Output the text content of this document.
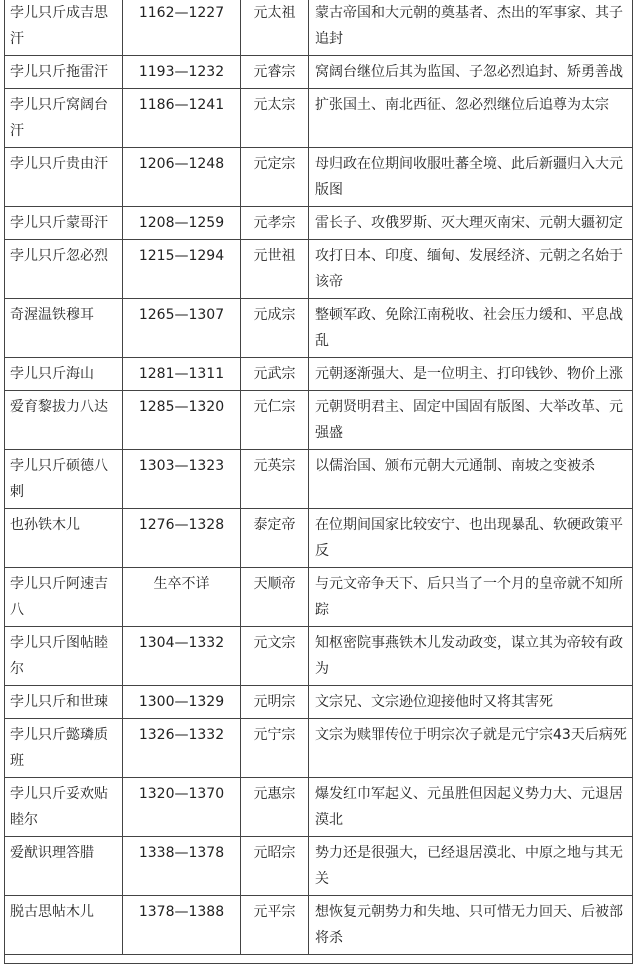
孛儿只斤成吉思汗	1162—1227	元太祖	蒙古帝国和大元朝的奠基者、杰出的军事家、其子追封
孛儿只斤拖雷汗	1193—1232	元睿宗	窝阔台继位后其为监国、子忽必烈追封、矫勇善战
孛儿只斤窝阔台汗	1186—1241	元太宗	扩张国土、南北西征、忽必烈继位后追尊为太宗
孛儿只斤贵由汗	1206—1248	元定宗	母归政在位期间收服吐蕃全境、此后新疆归入大元版图
孛儿只斤蒙哥汗	1208—1259	元孝宗	雷长子、攻俄罗斯、灭大理灭南宋、元朝大疆初定
孛儿只斤忽必烈	1215—1294	元世祖	攻打日本、印度、缅甸、发展经济、元朝之名始于该帝
奇渥温铁穆耳	1265—1307	元成宗	整顿军政、免除江南税收、社会压力缓和、平息战乱
孛儿只斤海山	1281—1311	元武宗	元朝逐渐强大、是一位明主、打印钱钞、物价上涨
爱育黎拔力八达	1285—1320	元仁宗	元朝贤明君主、固定中国固有版图、大举改革、元强盛
孛儿只斤硕德八剌	1303—1323	元英宗	以儒治国、颁布元朝大元通制、南坡之变被杀
也孙铁木儿	1276—1328	泰定帝	在位期间国家比较安宁、也出现暴乱、软硬政策平反
孛儿只斤阿速吉八	生卒不详	天顺帝	与元文帝争天下、后只当了一个月的皇帝就不知所踪
孛儿只斤图帖睦尔	1304—1332	元文宗	知枢密院事燕铁木儿发动政变，谋立其为帝较有政为
孛儿只斤和世㻋	1300—1329	元明宗	文宗兄、文宗逊位迎接他时又将其害死
孛儿只斤懿璘质班	1326—1332	元宁宗	文宗为赎罪传位于明宗次子就是元宁宗43天后病死
孛儿只斤妥欢贴睦尔	1320—1370	元惠宗	爆发红巾军起义、元虽胜但因起义势力大、元退居漠北
爱猷识理答腊	1338—1378	元昭宗	势力还是很强大，已经退居漠北、中原之地与其无关
脱古思帖木儿	1378—1388	元平宗	想恢复元朝势力和失地、只可惜无力回天、后被部将杀
